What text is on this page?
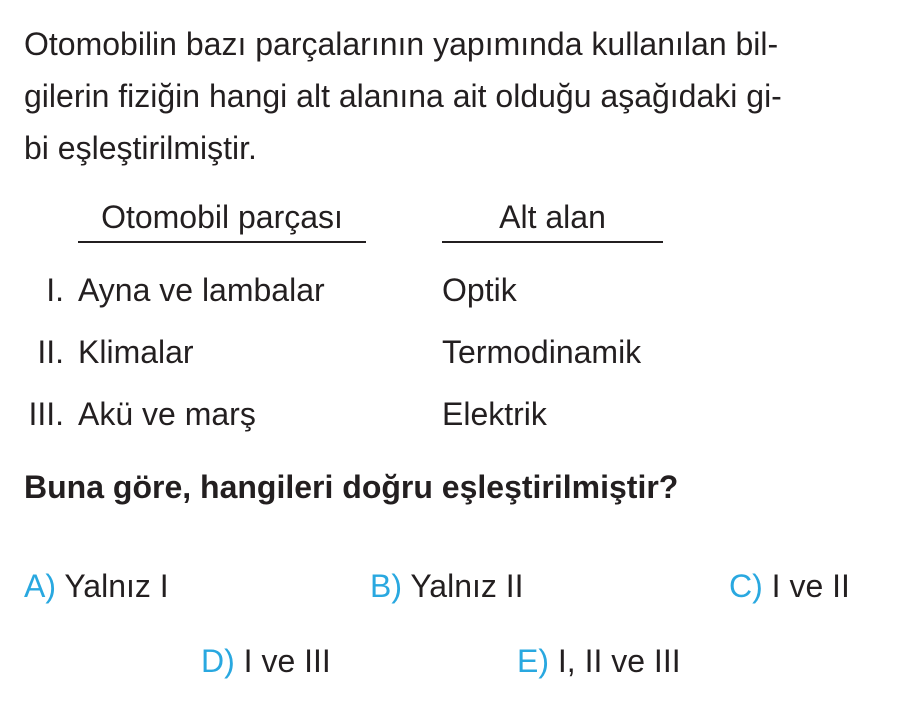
Otomobilin bazı parçalarının yapımında kullanılan bil-
gilerin fiziğin hangi alt alanına ait olduğu aşağıdaki gi-
bi eşleştirilmiştir.
Otomobil parçası	Alt alan
I. Ayna ve lambalar	Optik
II. Klimalar	Termodinamik
III. Akü ve marş	Elektrik
Buna göre, hangileri doğru eşleştirilmiştir?
A) Yalnız I	B) Yalnız II	C) I ve II
D) I ve III	E) I, II ve III
